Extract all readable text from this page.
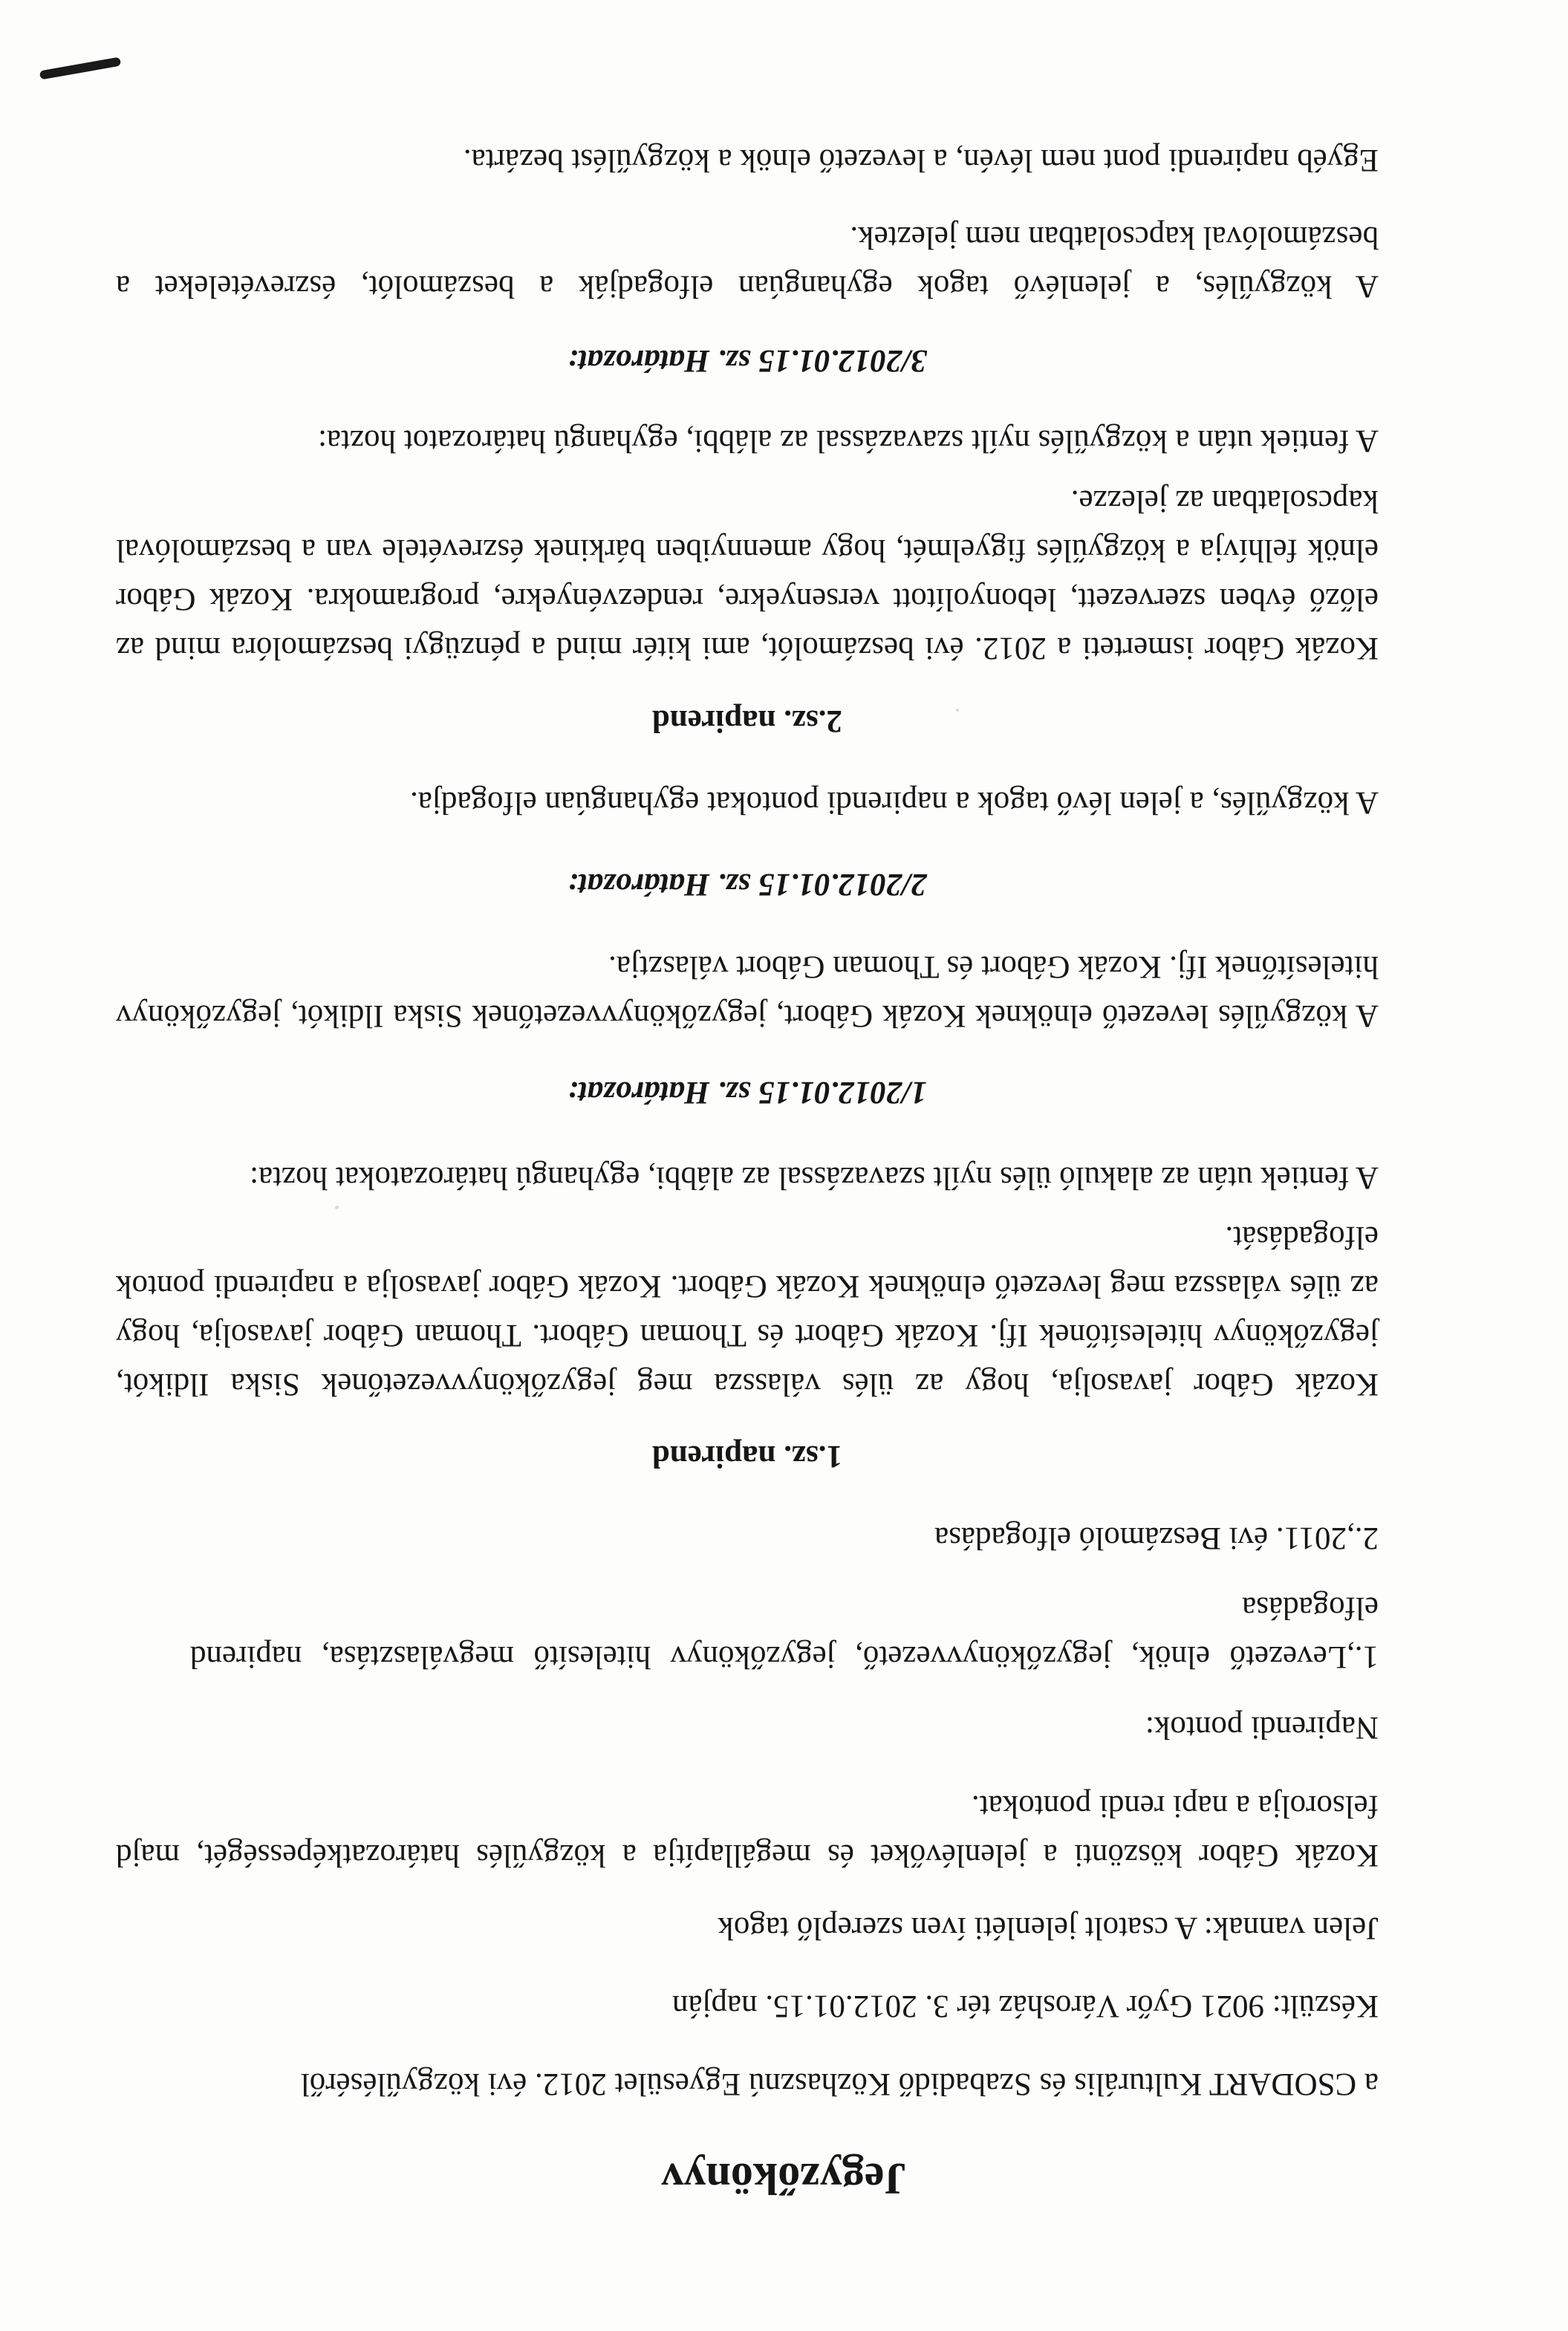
Jegyzőkönyv

a CSODART Kulturális és Szabadidő Közhasznú Egyesület 2012. évi közgyűléséről

Készült: 9021 Győr Városház tér 3. 2012.01.15. napján

Jelen vannak: A csatolt jelenléti íven szereplő tagok

Kozák Gábor köszönti a jelenlévőket és megállapítja a közgyűlés határozatképességét, majd felsorolja a napi rendi pontokat.

Napirendi pontok:

1.,Levezető elnök, jegyzőkönyvvezető, jegyzőkönyv hitelesítő megválasztása, napirend elfogadása

2.,2011. évi Beszámoló elfogadása

1.sz. napirend

Kozák Gábor javasolja, hogy az ülés válassza meg jegyzőkönyvvezetőnek Siska Ildikót, jegyzőkönyv hitelesítőnek Ifj. Kozák Gábort és Thoman Gábort. Thoman Gábor javasolja, hogy az ülés válassza meg levezető elnöknek Kozák Gábort. Kozák Gábor javasolja a napirendi pontok elfogadását.

A fentiek után az alakuló ülés nyílt szavazással az alábbi, egyhangú határozatokat hozta:

1/2012.01.15 sz. Határozat:

A közgyűlés levezető elnöknek Kozák Gábort, jegyzőkönyvvezetőnek Siska Ildikót, jegyzőkönyv hitelesítőnek Ifj. Kozák Gábort és Thoman Gábort választja.

2/2012.01.15 sz. Határozat:

A közgyűlés, a jelen lévő tagok a napirendi pontokat egyhangúan elfogadja.

2.sz. napirend

Kozák Gábor ismerteti a 2012. évi beszámolót, ami kitér mind a pénzügyi beszámolóra mind az előző évben szervezett, lebonyolított versenyekre, rendezvényekre, programokra. Kozák Gábor elnök felhívja a közgyűlés figyelmét, hogy amennyiben bárkinek észrevétele van a beszámolóval kapcsolatban az jelezze.

A fentiek után a közgyűlés nyílt szavazással az alábbi, egyhangú határozatot hozta:

3/2012.01.15 sz. Határozat:

A közgyűlés, a jelenlévő tagok egyhangúan elfogadják a beszámolót, észrevételeket a beszámolóval kapcsolatban nem jeleztek.

Egyéb napirendi pont nem lévén, a levezető elnök a közgyűlést bezárta.
